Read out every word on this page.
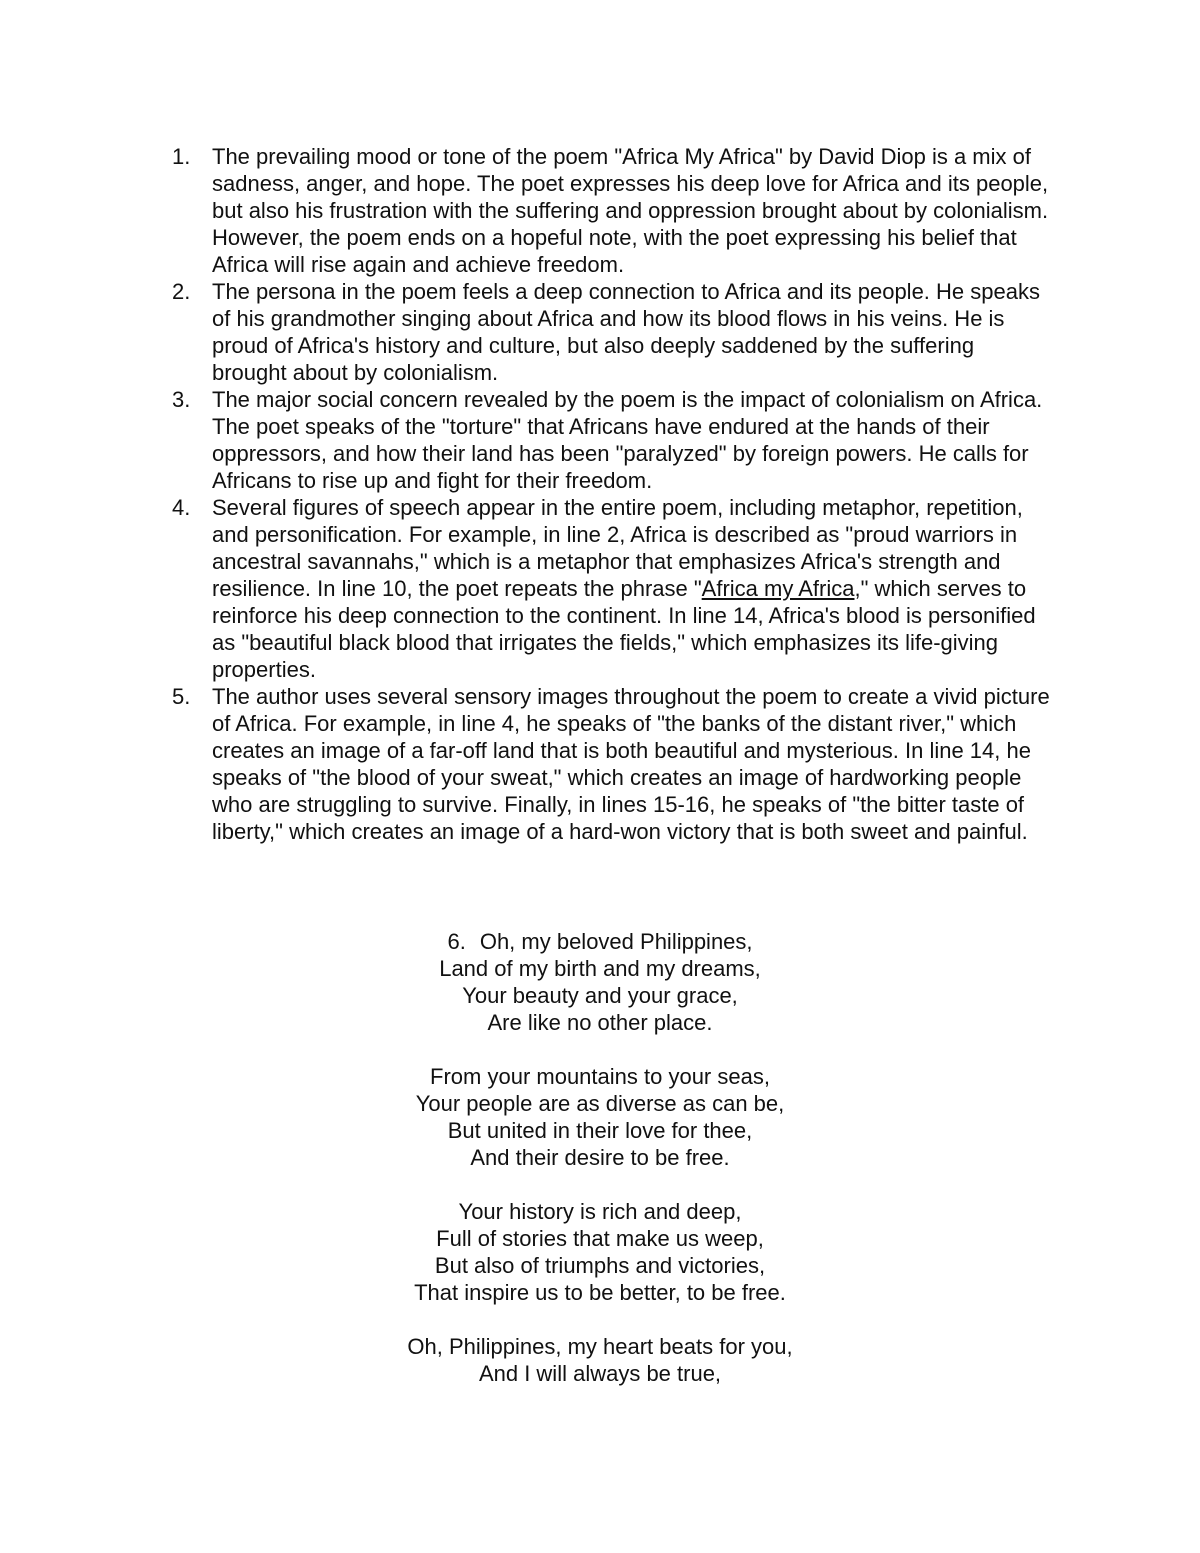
1. The prevailing mood or tone of the poem "Africa My Africa" by David Diop is a mix of sadness, anger, and hope. The poet expresses his deep love for Africa and its people, but also his frustration with the suffering and oppression brought about by colonialism. However, the poem ends on a hopeful note, with the poet expressing his belief that Africa will rise again and achieve freedom.
2. The persona in the poem feels a deep connection to Africa and its people. He speaks of his grandmother singing about Africa and how its blood flows in his veins. He is proud of Africa's history and culture, but also deeply saddened by the suffering brought about by colonialism.
3. The major social concern revealed by the poem is the impact of colonialism on Africa. The poet speaks of the "torture" that Africans have endured at the hands of their oppressors, and how their land has been "paralyzed" by foreign powers. He calls for Africans to rise up and fight for their freedom.
4. Several figures of speech appear in the entire poem, including metaphor, repetition, and personification. For example, in line 2, Africa is described as "proud warriors in ancestral savannahs," which is a metaphor that emphasizes Africa's strength and resilience. In line 10, the poet repeats the phrase "Africa my Africa," which serves to reinforce his deep connection to the continent. In line 14, Africa's blood is personified as "beautiful black blood that irrigates the fields," which emphasizes its life-giving properties.
5. The author uses several sensory images throughout the poem to create a vivid picture of Africa. For example, in line 4, he speaks of "the banks of the distant river," which creates an image of a far-off land that is both beautiful and mysterious. In line 14, he speaks of "the blood of your sweat," which creates an image of hardworking people who are struggling to survive. Finally, in lines 15-16, he speaks of "the bitter taste of liberty," which creates an image of a hard-won victory that is both sweet and painful.
6. Oh, my beloved Philippines,
Land of my birth and my dreams,
Your beauty and your grace,
Are like no other place.
From your mountains to your seas,
Your people are as diverse as can be,
But united in their love for thee,
And their desire to be free.
Your history is rich and deep,
Full of stories that make us weep,
But also of triumphs and victories,
That inspire us to be better, to be free.
Oh, Philippines, my heart beats for you,
And I will always be true,
